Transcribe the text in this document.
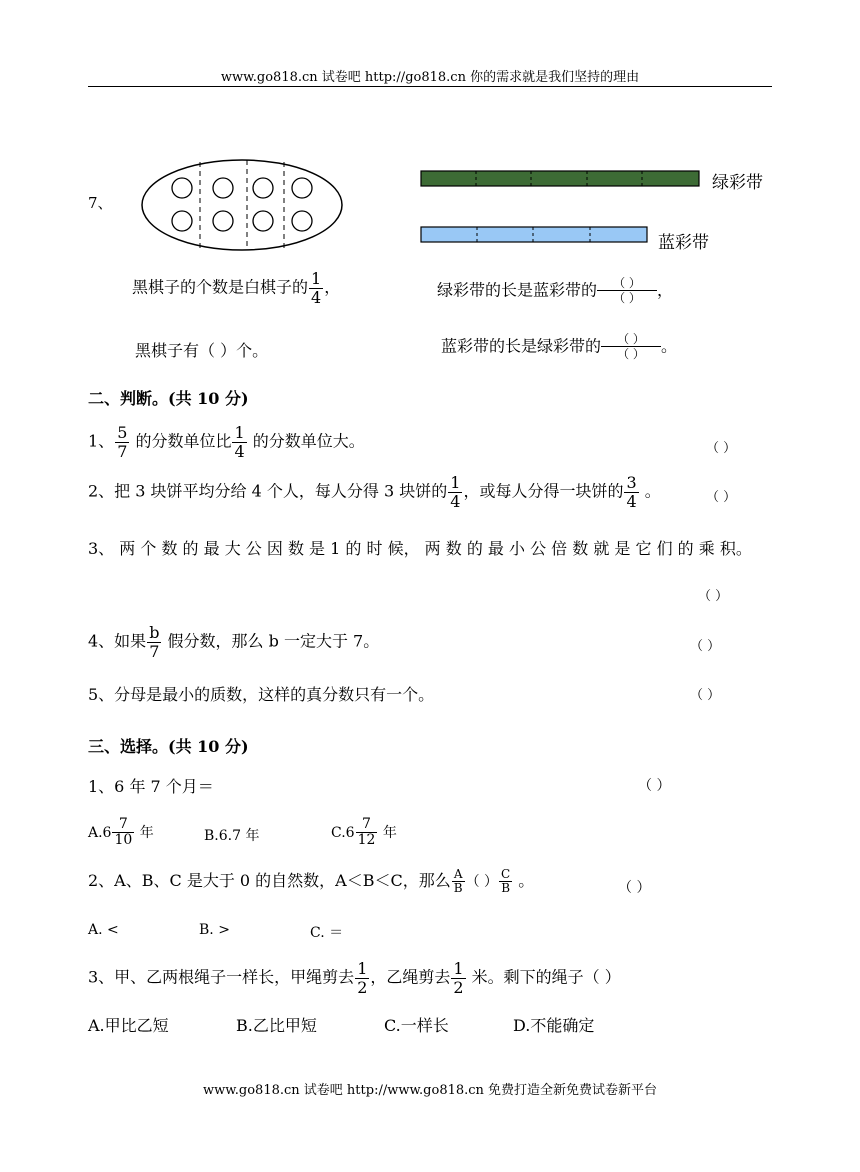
www.go818.cn 试卷吧 http://go818.cn 你的需求就是我们坚持的理由
7、
绿彩带
蓝彩带
黑棋子的个数是白棋子的 $\frac{1}{4}$ ，
黑棋子有（ ）个。
绿彩带的长是蓝彩带的	（ ）
（ ） ，
蓝彩带的长是绿彩带的	（ ）
（ ） 。
二、判断。(共 10 分)
1、 $\frac{5}{7}$ 的分数单位比 $\frac{1}{4}$ 的分数单位大。	（ ）
2、把 3 块饼平均分给 4 个人，每人分得 3 块饼的 $\frac{1}{4}$ ，或每人分得一块饼的 $\frac{3}{4}$ 。	（ ）
3、 两 个 数 的 最 大 公 因 数 是 1 的 时 候， 两 数 的 最 小 公 倍 数 就 是 它 们 的 乘 积。
（ ）
4、如果 $\frac{b}{7}$ 假分数，那么 b 一定大于 7。	（ ）
5、分母是最小的质数，这样的真分数只有一个。	（ ）
三、选择。(共 10 分)
1、6 年 7 个月＝	（ ）
$A.6 \frac{7}{10}$ 年	B.6.7 年	$C.6 \frac{7}{12}$ 年
2、A、B、C 是大于 0 的自然数，A＜B＜C，那么 $\frac{A}{B}$ （ ） $\frac{C}{B}$ 。	（ ）
A. <	B. >	C. ＝
3、甲、乙两根绳子一样长，甲绳剪去 $\frac{1}{2}$ ，乙绳剪去 $\frac{1}{2}$ 米。剩下的绳子（ ）
A.甲比乙短	B.乙比甲短	C.一样长	D.不能确定
www.go818.cn 试卷吧 http://www.go818.cn 免费打造全新免费试卷新平台
